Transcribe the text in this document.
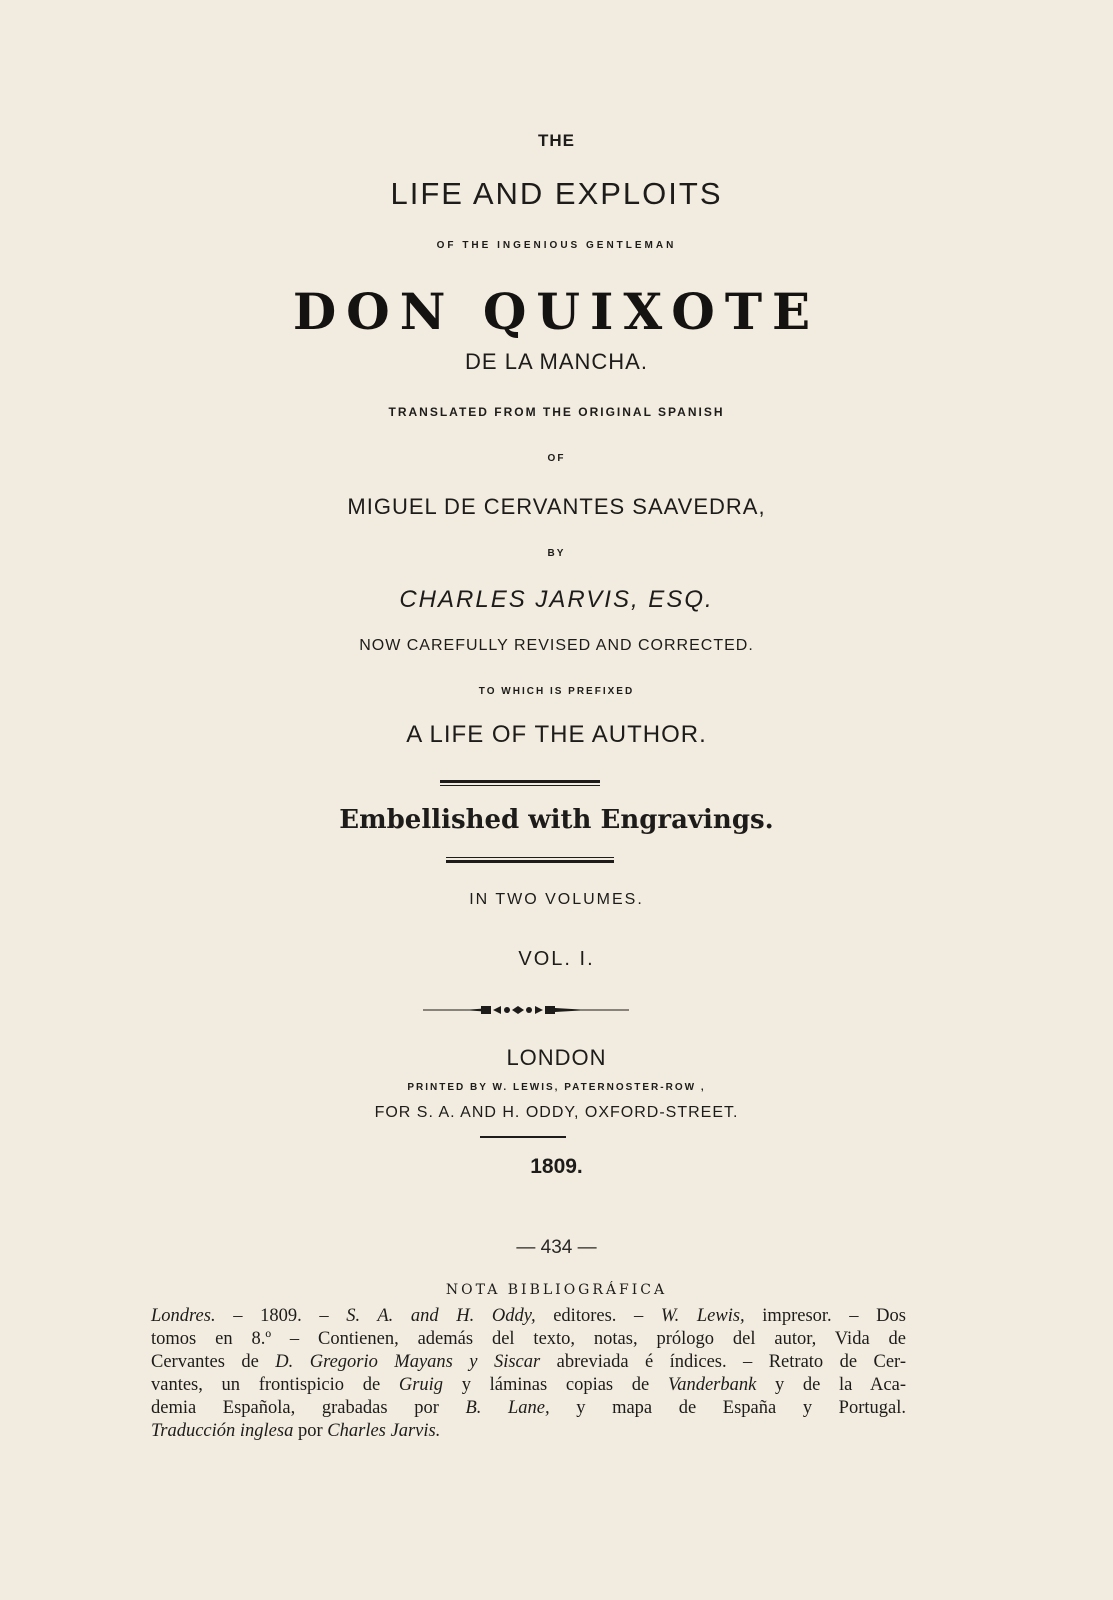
THE
LIFE AND EXPLOITS
OF THE INGENIOUS GENTLEMAN
DON QUIXOTE
DE LA MANCHA.
TRANSLATED FROM THE ORIGINAL SPANISH
OF
MIGUEL DE CERVANTES SAAVEDRA,
BY
CHARLES JARVIS, ESQ.
NOW CAREFULLY REVISED AND CORRECTED.
TO WHICH IS PREFIXED
A LIFE OF THE AUTHOR.
Embellished with Engravings.
IN TWO VOLUMES.
VOL. I.
LONDON
PRINTED BY W. LEWIS, PATERNOSTER-ROW ,
FOR S. A. AND H. ODDY, OXFORD-STREET.
1809.
— 434 —
NOTA BIBLIOGRÁFICA
Londres. – 1809. – S. A. and H. Oddy, editores. – W. Lewis, impresor. – Dos
tomos en 8.º – Contienen, además del texto, notas, prólogo del autor, Vida de
Cervantes de D. Gregorio Mayans y Siscar abreviada é índices. – Retrato de Cer-
vantes, un frontispicio de Gruig y láminas copias de Vanderbank y de la Aca-
demia Española, grabadas por B. Lane, y mapa de España y Portugal.
Traducción inglesa por Charles Jarvis.
